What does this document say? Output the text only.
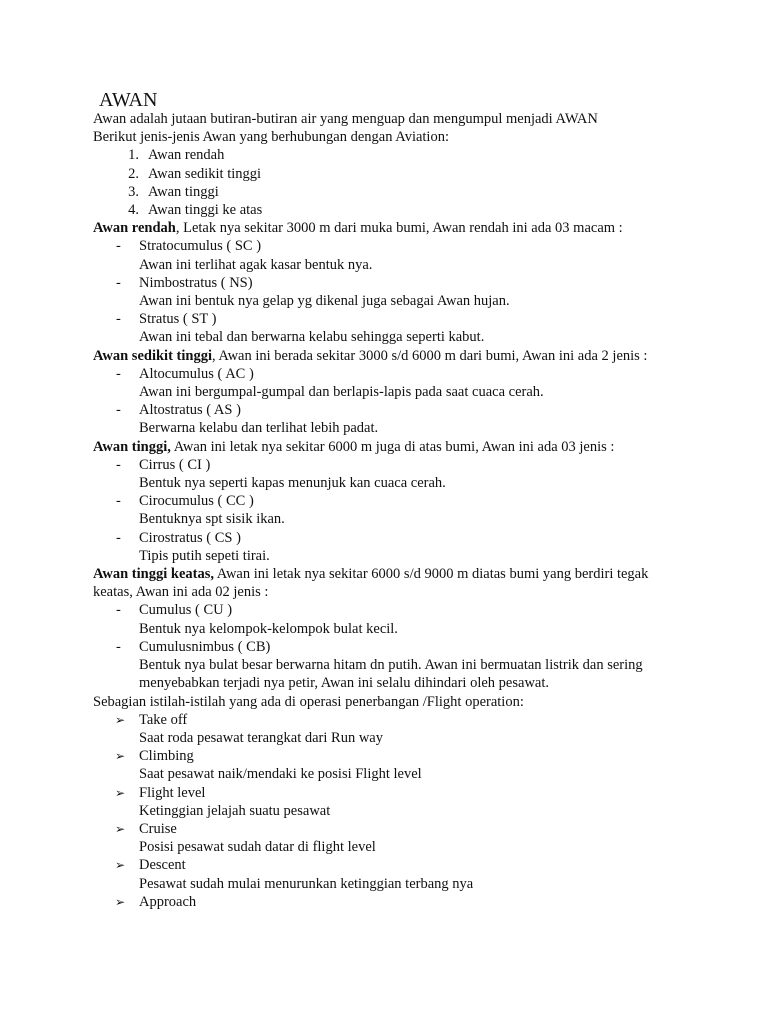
AWAN
Awan adalah jutaan butiran-butiran air yang menguap dan mengumpul menjadi AWAN
Berikut jenis-jenis Awan yang berhubungan dengan Aviation:
1. Awan rendah
2. Awan sedikit tinggi
3. Awan tinggi
4. Awan tinggi ke atas
Awan rendah, Letak nya sekitar 3000 m dari muka bumi, Awan rendah ini ada 03 macam :
- Stratocumulus ( SC )
Awan ini terlihat agak kasar bentuk nya.
- Nimbostratus ( NS)
Awan ini bentuk nya gelap yg dikenal juga sebagai Awan hujan.
- Stratus ( ST )
Awan ini tebal dan berwarna kelabu sehingga seperti kabut.
Awan sedikit tinggi, Awan ini berada sekitar 3000 s/d 6000 m dari bumi, Awan ini ada 2 jenis :
- Altocumulus ( AC )
Awan ini bergumpal-gumpal dan berlapis-lapis pada saat cuaca cerah.
- Altostratus ( AS )
Berwarna kelabu dan terlihat lebih padat.
Awan tinggi, Awan ini letak nya sekitar 6000 m juga di atas bumi, Awan ini ada 03 jenis :
- Cirrus ( CI )
Bentuk nya seperti kapas menunjuk kan cuaca cerah.
- Cirocumulus ( CC )
Bentuknya spt sisik ikan.
- Cirostratus ( CS )
Tipis putih sepeti tirai.
Awan tinggi keatas, Awan ini letak nya sekitar 6000 s/d 9000 m diatas bumi yang berdiri tegak keatas, Awan ini ada 02 jenis :
- Cumulus ( CU )
Bentuk nya kelompok-kelompok bulat kecil.
- Cumulusnimbus ( CB)
Bentuk nya bulat besar berwarna hitam dn putih. Awan ini bermuatan listrik dan sering menyebabkan terjadi nya petir, Awan ini selalu dihindari oleh pesawat.
Sebagian istilah-istilah yang ada di operasi penerbangan /Flight operation:
➢ Take off
Saat roda pesawat terangkat dari Run way
➢ Climbing
Saat pesawat naik/mendaki ke posisi Flight level
➢ Flight level
Ketinggian jelajah suatu pesawat
➢ Cruise
Posisi pesawat sudah datar di flight level
➢ Descent
Pesawat sudah mulai menurunkan ketinggian terbang nya
➢ Approach
